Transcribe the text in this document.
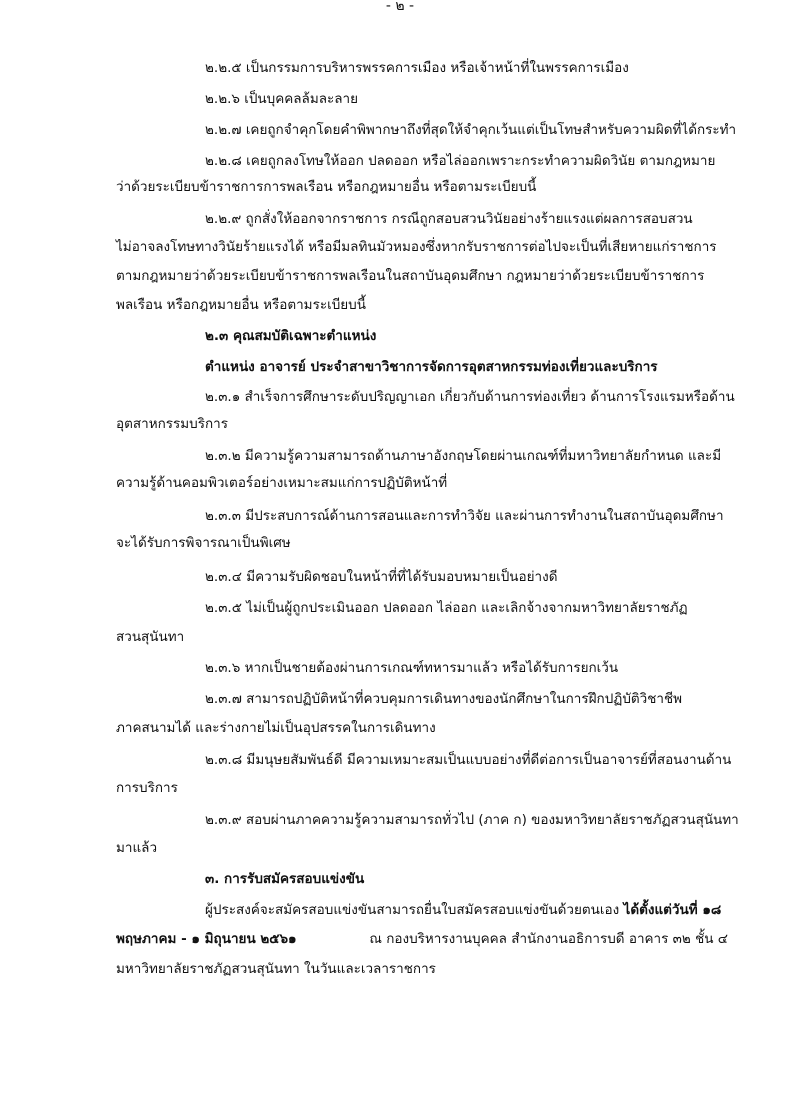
- ๒ -
๒.๒.๕ เป็นกรรมการบริหารพรรคการเมือง หรือเจ้าหน้าที่ในพรรคการเมือง
๒.๒.๖ เป็นบุคคลล้มละลาย
๒.๒.๗ เคยถูกจำคุกโดยคำพิพากษาถึงที่สุดให้จำคุกเว้นแต่เป็นโทษสำหรับความผิดที่ได้กระทำ
๒.๒.๘ เคยถูกลงโทษให้ออก ปลดออก หรือไล่ออกเพราะกระทำความผิดวินัย ตามกฎหมาย
ว่าด้วยระเบียบข้าราชการการพลเรือน หรือกฎหมายอื่น หรือตามระเบียบนี้
๒.๒.๙ ถูกสั่งให้ออกจากราชการ กรณีถูกสอบสวนวินัยอย่างร้ายแรงแต่ผลการสอบสวน
ไม่อาจลงโทษทางวินัยร้ายแรงได้ หรือมีมลทินมัวหมองซึ่งหากรับราชการต่อไปจะเป็นที่เสียหายแก่ราชการ
ตามกฎหมายว่าด้วยระเบียบข้าราชการพลเรือนในสถาบันอุดมศึกษา กฎหมายว่าด้วยระเบียบข้าราชการ
พลเรือน หรือกฎหมายอื่น หรือตามระเบียบนี้
๒.๓ คุณสมบัติเฉพาะตำแหน่ง
ตำแหน่ง อาจารย์ ประจำสาขาวิชาการจัดการอุตสาหกรรมท่องเที่ยวและบริการ
๒.๓.๑ สำเร็จการศึกษาระดับปริญญาเอก เกี่ยวกับด้านการท่องเที่ยว ด้านการโรงแรมหรือด้าน
อุตสาหกรรมบริการ
๒.๓.๒ มีความรู้ความสามารถด้านภาษาอังกฤษโดยผ่านเกณฑ์ที่มหาวิทยาลัยกำหนด และมี
ความรู้ด้านคอมพิวเตอร์อย่างเหมาะสมแก่การปฏิบัติหน้าที่
๒.๓.๓ มีประสบการณ์ด้านการสอนและการทำวิจัย และผ่านการทำงานในสถาบันอุดมศึกษา
จะได้รับการพิจารณาเป็นพิเศษ
๒.๓.๔ มีความรับผิดชอบในหน้าที่ที่ได้รับมอบหมายเป็นอย่างดี
๒.๓.๕ ไม่เป็นผู้ถูกประเมินออก ปลดออก ไล่ออก และเลิกจ้างจากมหาวิทยาลัยราชภัฏ
สวนสุนันทา
๒.๓.๖ หากเป็นชายต้องผ่านการเกณฑ์ทหารมาแล้ว หรือได้รับการยกเว้น
๒.๓.๗ สามารถปฏิบัติหน้าที่ควบคุมการเดินทางของนักศึกษาในการฝึกปฏิบัติวิชาชีพ
ภาคสนามได้ และร่างกายไม่เป็นอุปสรรคในการเดินทาง
๒.๓.๘ มีมนุษยสัมพันธ์ดี มีความเหมาะสมเป็นแบบอย่างที่ดีต่อการเป็นอาจารย์ที่สอนงานด้าน
การบริการ
๒.๓.๙ สอบผ่านภาคความรู้ความสามารถทั่วไป (ภาค ก) ของมหาวิทยาลัยราชภัฏสวนสุนันทา
มาแล้ว
๓. การรับสมัครสอบแข่งขัน
ผู้ประสงค์จะสมัครสอบแข่งขันสามารถยื่นใบสมัครสอบแข่งขันด้วยตนเอง ได้ตั้งแต่วันที่ ๑๘
พฤษภาคม - ๑ มิถุนายน ๒๕๖๑	ณ กองบริหารงานบุคคล สำนักงานอธิการบดี อาคาร ๓๒ ชั้น ๔
มหาวิทยาลัยราชภัฏสวนสุนันทา ในวันและเวลาราชการ
